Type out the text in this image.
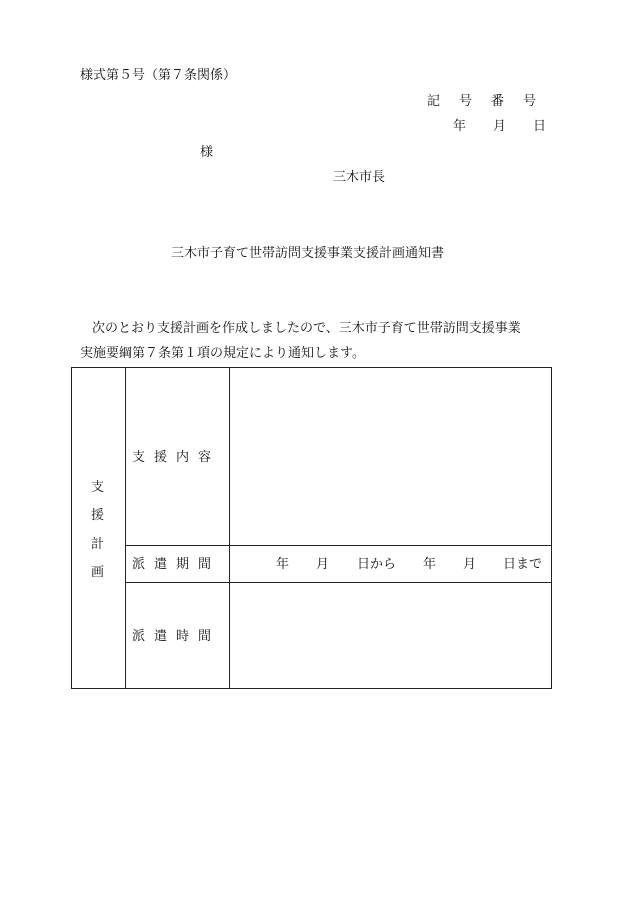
様式第５号（第７条関係）
記号番号
年 月 日
様
三木市長
三木市子育て世帯訪問支援事業支援計画通知書
次のとおり支援計画を作成しましたので、三木市子育て世帯訪問支援事業
実施要綱第７条第１項の規定により通知します。
支
援
計
画
支援内容
派遣期間
派遣時間
年 月 日から 年 月 日まで
